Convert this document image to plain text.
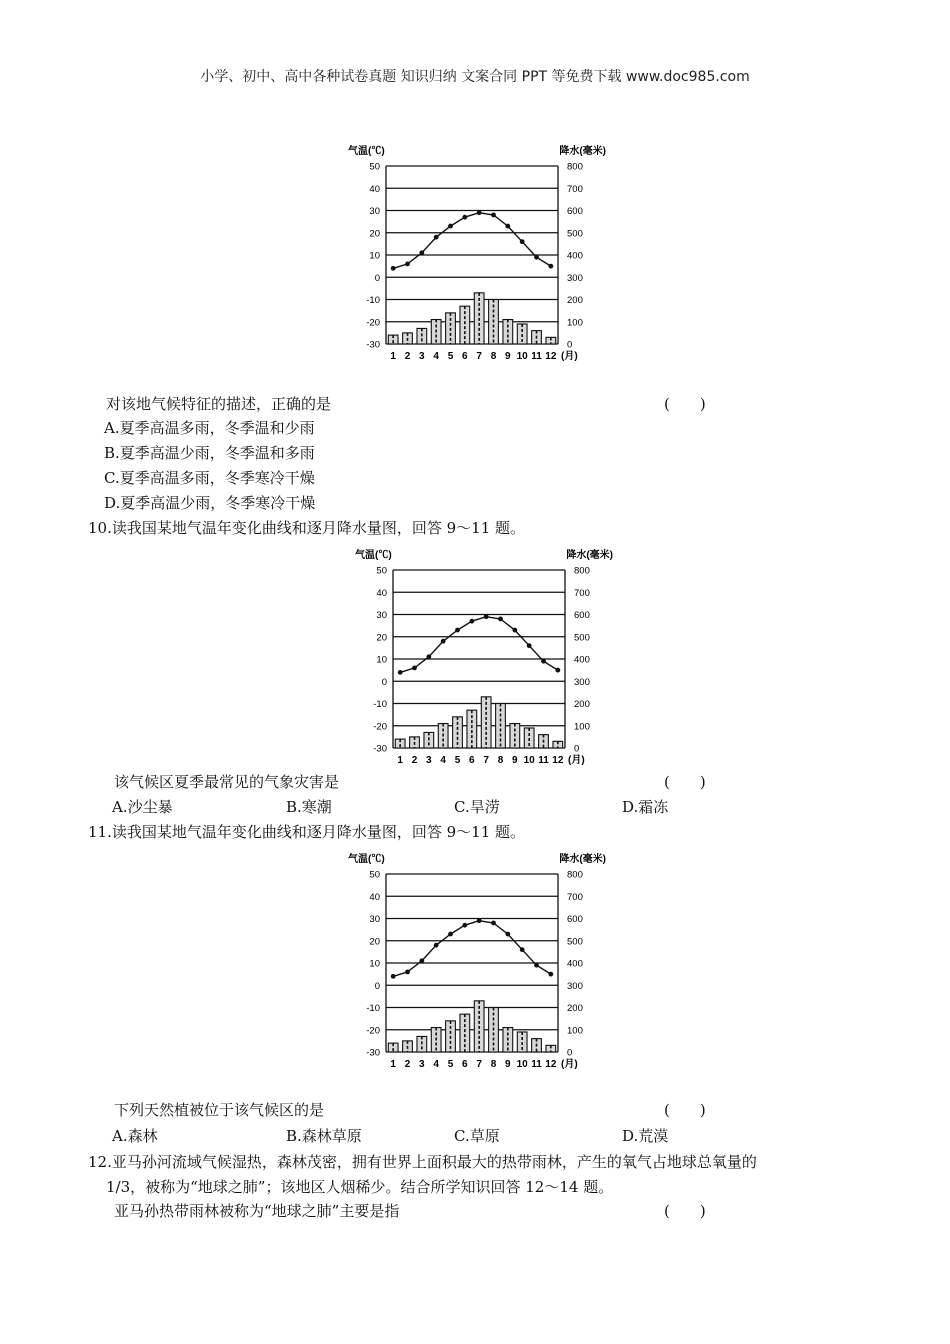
小学、初中、高中各种试卷真题 知识归纳 文案合同 PPT 等免费下载 www.doc985.com
气温(℃)	降水(毫米)
50	800
40	700
30	600
20	500
10	400
0	300
-10	200
-20	100
-30	0
1 2 3 4 5 6 7 8 9 10 11 12 (月)
对该地气候特征的描述，正确的是	(　　)
A.夏季高温多雨，冬季温和少雨
B.夏季高温少雨，冬季温和多雨
C.夏季高温多雨，冬季寒冷干燥
D.夏季高温少雨，冬季寒冷干燥
10.读我国某地气温年变化曲线和逐月降水量图，回答 9～11 题。
气温(℃)	降水(毫米)
50	800
40	700
30	600
20	500
10	400
0	300
-10	200
-20	100
-30	0
1 2 3 4 5 6 7 8 9 10 11 12 (月)
该气候区夏季最常见的气象灾害是	(　　)
A.沙尘暴	B.寒潮	C.旱涝	D.霜冻
11.读我国某地气温年变化曲线和逐月降水量图，回答 9～11 题。
气温(℃)	降水(毫米)
50	800
40	700
30	600
20	500
10	400
0	300
-10	200
-20	100
-30	0
1 2 3 4 5 6 7 8 9 10 11 12 (月)
下列天然植被位于该气候区的是	(　　)
A.森林	B.森林草原	C.草原	D.荒漠
12.亚马孙河流域气候湿热，森林茂密，拥有世界上面积最大的热带雨林，产生的氧气占地球总氧量的
1/3，被称为“地球之肺”；该地区人烟稀少。结合所学知识回答 12～14 题。
亚马孙热带雨林被称为“地球之肺”主要是指	(　　)
